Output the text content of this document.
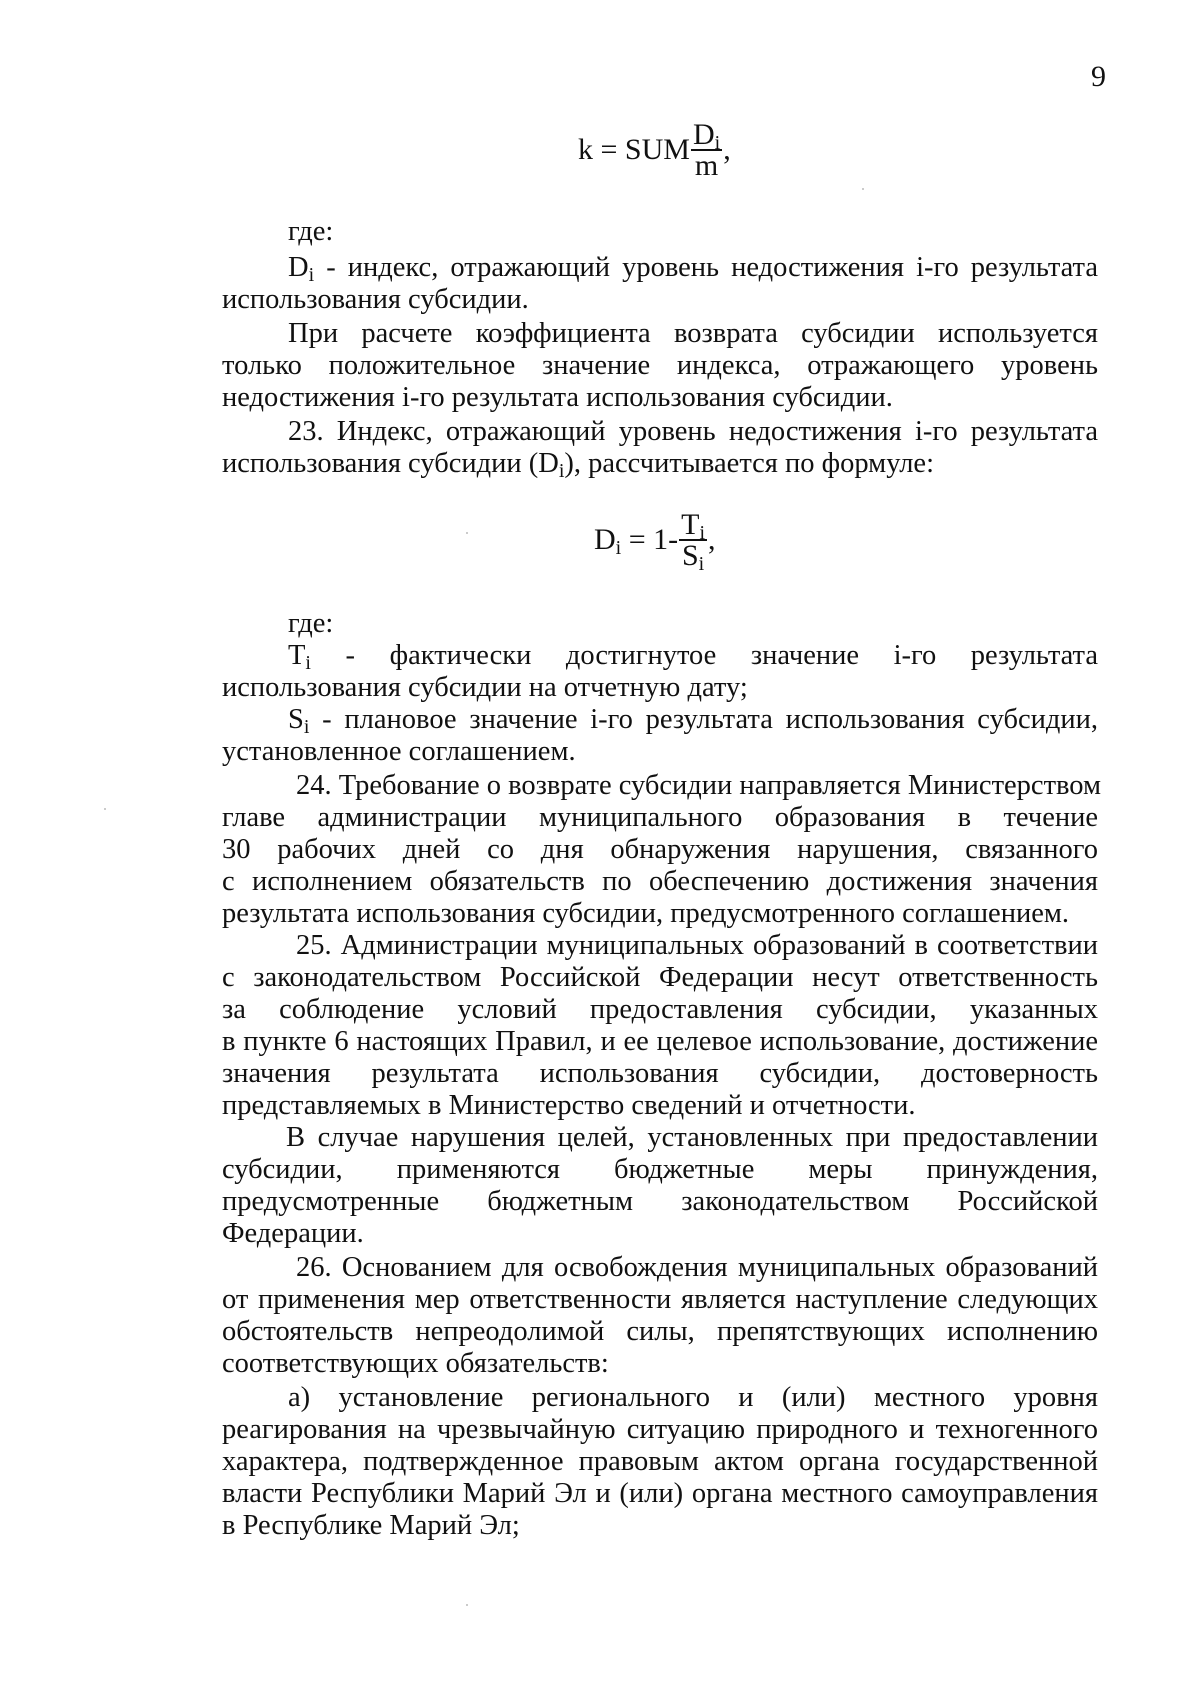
9
k = SUM $\frac{D_i}{m}$ ,
где:
$D_i$ - индекс, отражающий уровень недостижения i-го результата
использования субсидии.
При расчете коэффициента возврата субсидии используется
только положительное значение индекса, отражающего уровень
недостижения i-го результата использования субсидии.
23. Индекс, отражающий уровень недостижения i-го результата
использования субсидии $(D_i)$, рассчитывается по формуле:
$D_i = 1- \frac{T_i}{S_i}$ ,
где:
$T_i$ - фактически достигнутое значение i-го результата
использования субсидии на отчетную дату;
$S_i$ - плановое значение i-го результата использования субсидии,
установленное соглашением.
24. Требование о возврате субсидии направляется Министерством
главе администрации муниципального образования в течение
30 рабочих дней со дня обнаружения нарушения, связанного
с исполнением обязательств по обеспечению достижения значения
результата использования субсидии, предусмотренного соглашением.
25. Администрации муниципальных образований в соответствии
с законодательством Российской Федерации несут ответственность
за соблюдение условий предоставления субсидии, указанных
в пункте 6 настоящих Правил, и ее целевое использование, достижение
значения результата использования субсидии, достоверность
представляемых в Министерство сведений и отчетности.
В случае нарушения целей, установленных при предоставлении
субсидии, применяются бюджетные меры принуждения,
предусмотренные бюджетным законодательством Российской
Федерации.
26. Основанием для освобождения муниципальных образований
от применения мер ответственности является наступление следующих
обстоятельств непреодолимой силы, препятствующих исполнению
соответствующих обязательств:
а) установление регионального и (или) местного уровня
реагирования на чрезвычайную ситуацию природного и техногенного
характера, подтвержденное правовым актом органа государственной
власти Республики Марий Эл и (или) органа местного самоуправления
в Республике Марий Эл;
